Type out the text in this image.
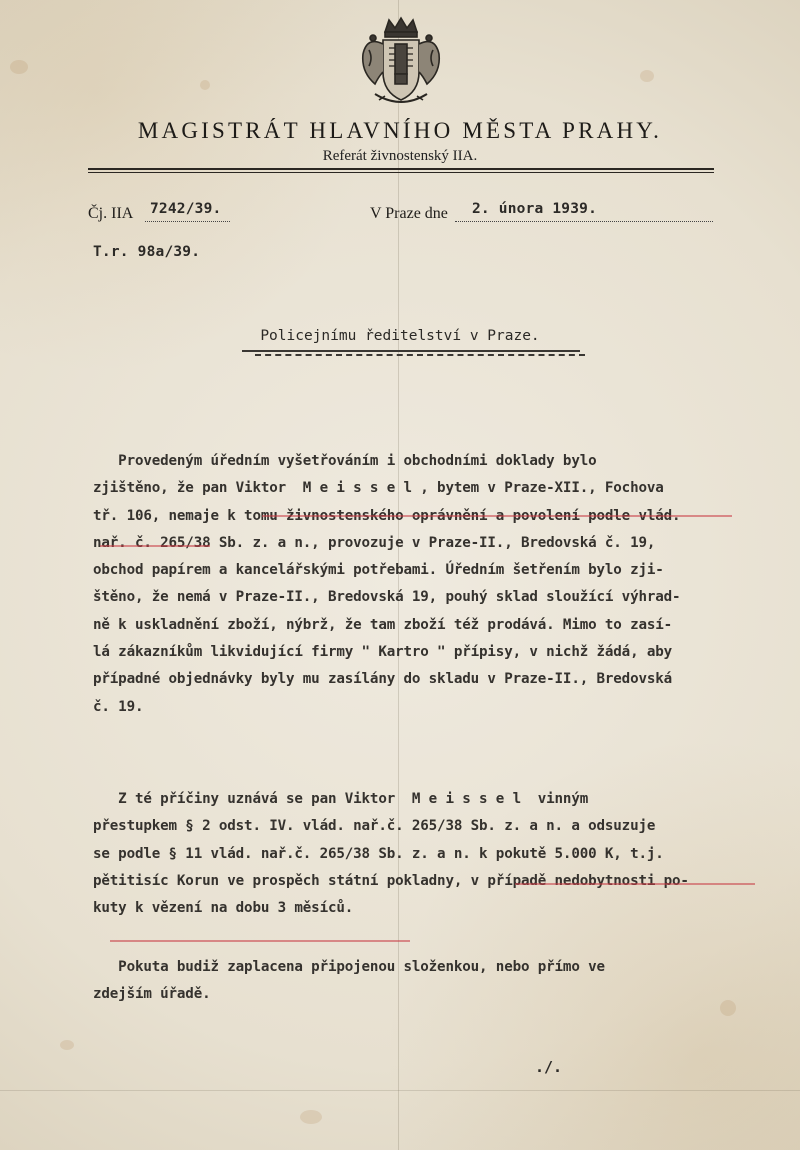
MAGISTRÁT HLAVNÍHO MĚSTA PRAHY.
Referát živnostenský IIA.
Čj. IIA 7242/39.	V Praze dne 2. února 1939.
T.r. 98a/39.
Policejnímu ředitelství v Praze.
Provedeným úředním vyšetřováním i obchodními doklady bylo
zjištěno, že pan Viktor  M e i s s e l , bytem v Praze-XII., Fochova
tř. 106, nemaje k tomu živnostenského oprávnění a povolení podle vlád.
nař. č. 265/38 Sb. z. a n., provozuje v Praze-II., Bredovská č. 19,
obchod papírem a kancelářskými potřebami. Úředním šetřením bylo zji-
štěno, že nemá v Praze-II., Bredovská 19, pouhý sklad sloužící výhrad-
ně k uskladnění zboží, nýbrž, že tam zboží též prodává. Mimo to zasí-
lá zákazníkům likvidující firmy " Kartro " přípisy, v nichž žádá, aby
případné objednávky byly mu zasílány do skladu v Praze-II., Bredovská
č. 19.
Z té příčiny uznává se pan Viktor  M e i s s e l  vinným
přestupkem § 2 odst. IV. vlád. nař.č. 265/38 Sb. z. a n. a odsuzuje
se podle § 11 vlád. nař.č. 265/38 Sb. z. a n. k pokutě 5.000 K, t.j.
pětitisíc Korun ve prospěch státní pokladny, v případě nedobytnosti po-
kuty k vězení na dobu 3 měsíců.
Pokuta budiž zaplacena připojenou složenkou, nebo přímo ve
zdejším úřadě.
./.
